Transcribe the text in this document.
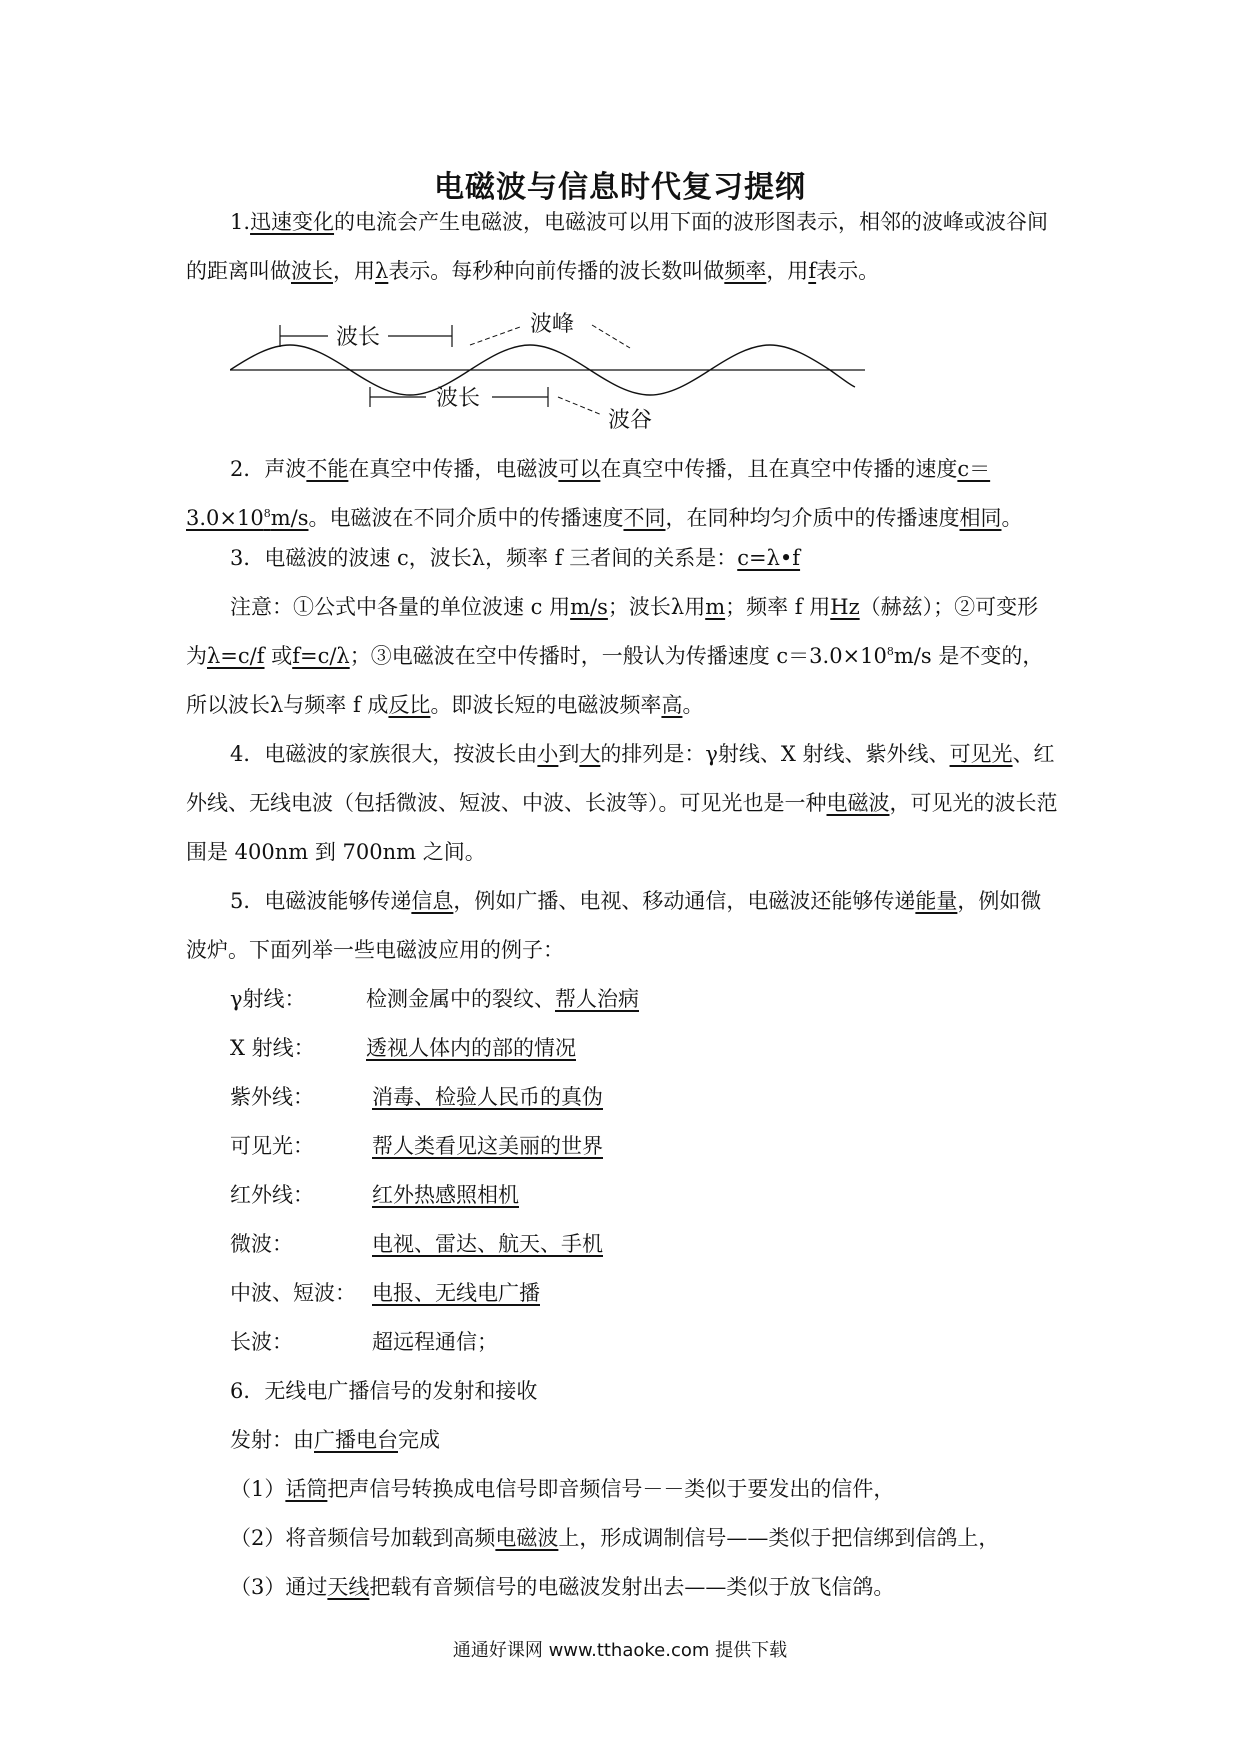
电磁波与信息时代复习提纲
1.迅速变化的电流会产生电磁波，电磁波可以用下面的波形图表示，相邻的波峰或波谷间的距离叫做波长，用λ表示。每秒种向前传播的波长数叫做频率，用f表示。
波长
波峰
波长
波谷
2．声波不能在真空中传播，电磁波可以在真空中传播，且在真空中传播的速度$c=3.0\times 10^8m/s$。电磁波在不同介质中的传播速度不同，在同种均匀介质中的传播速度相同。
3．电磁波的波速 c，波长λ，频率 f 三者间的关系是：c=λ•f
注意：①公式中各量的单位波速 c 用m/s；波长λ用m；频率 f 用Hz（赫兹）；②可变形为λ=c/f 或f=c/λ；③电磁波在空中传播时，一般认为传播速度 $c=3.0\times 10^8m/s$ 是不变的，所以波长λ与频率 f 成反比。即波长短的电磁波频率高。
4．电磁波的家族很大，按波长由小到大的排列是：γ射线、X 射线、紫外线、可见光、红外线、无线电波（包括微波、短波、中波、长波等）。可见光也是一种电磁波，可见光的波长范围是 400nm 到 700nm 之间。
5．电磁波能够传递信息，例如广播、电视、移动通信，电磁波还能够传递能量，例如微波炉。下面列举一些电磁波应用的例子：
γ射线：	检测金属中的裂纹、帮人治病
X 射线： 透视人体内的部的情况
紫外线：	消毒、检验人民币的真伪
可见光：	帮人类看见这美丽的世界
红外线：	红外热感照相机
微波：	电视、雷达、航天、手机
中波、短波： 电报、无线电广播
长波：	超远程通信；
6．无线电广播信号的发射和接收
发射：由广播电台完成
（1）话筒把声信号转换成电信号即音频信号－－类似于要发出的信件，
（2）将音频信号加载到高频电磁波上，形成调制信号——类似于把信绑到信鸽上，
（3）通过天线把载有音频信号的电磁波发射出去——类似于放飞信鸽。
通通好课网 www.tthaoke.com 提供下载
